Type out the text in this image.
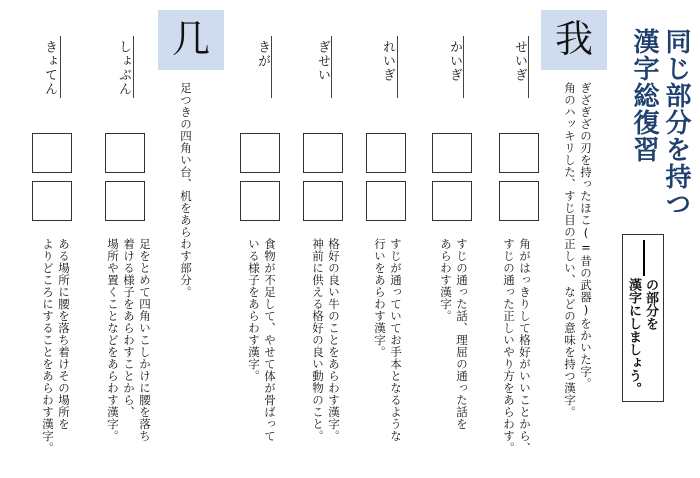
同じ部分を持つ
漢字総復習
の部分を
漢字にしましょう。
我
ぎざぎざの刃を持ったほこ(=昔の武器)をかいた字。
角のハッキリした、すじ目の正しい、などの意味を持つ漢字。
せいぎ
角がはっきりして格好がいいことから、
すじの通った正しいやり方をあらわす。
かいぎ
すじの通った話、理屈の通った話を
あらわす漢字。
れいぎ
すじが通っていてお手本となるような
行いをあらわす漢字。
ぎせい
格好の良い牛のことをあらわす漢字。
神前に供える格好の良い動物のこと。
きが
食物が不足して、やせて体が骨ばって
いる様子をあらわす漢字。
几
足つきの四角い台、机をあらわす部分。
しょぶん
足をとめて四角いこしかけに腰を落ち
着ける様子をあらわすことから、
場所や置くことなどをあらわす漢字。
きょてん
ある場所に腰を落ち着けその場所を
よりどころにすることをあらわす漢字。
